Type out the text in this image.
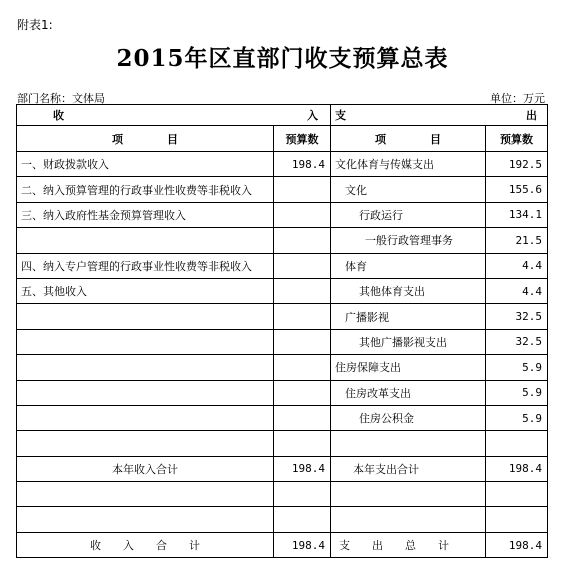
附表1:
2015年区直部门收支预算总表
部门名称：文体局	单位：万元
收 入		支 出	

项　　　　目	预算数	项　　　　目	预算数
一、财政拨款收入	198.4	文化体育与传媒支出	192.5
二、纳入预算管理的行政事业性收费等非税收入		文化	155.6
三、纳入政府性基金预算管理收入		行政运行	134.1
		一般行政管理事务	21.5
四、纳入专户管理的行政事业性收费等非税收入		体育	4.4
五、其他收入		其他体育支出	4.4
		广播影视	32.5
		其他广播影视支出	32.5
		住房保障支出	5.9
		住房改革支出	5.9
		住房公积金	5.9

本年收入合计	198.4	本年支出合计	198.4

收　　入　　合　　计	198.4	支　　出　　总　　计	198.4
